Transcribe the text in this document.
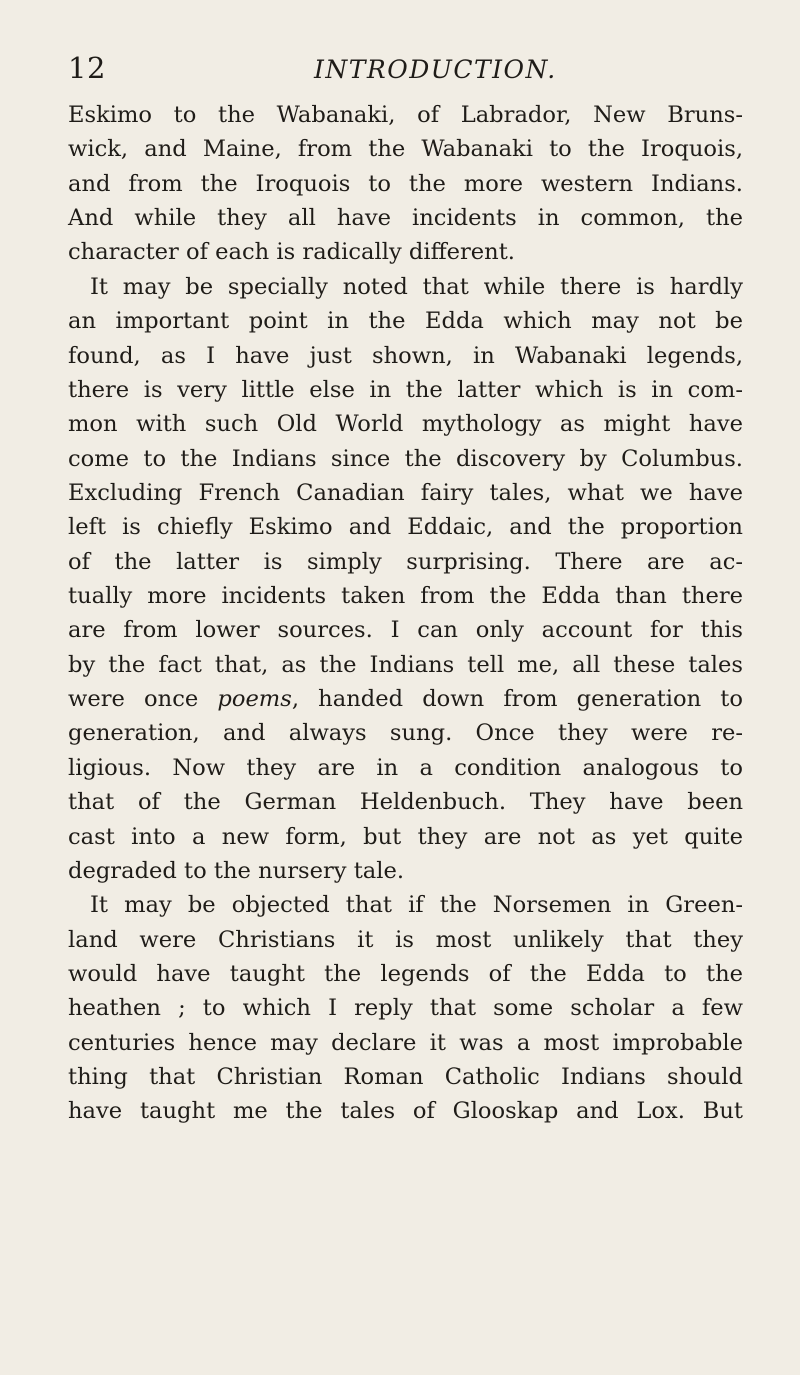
12	INTRODUCTION.
Eskimo to the Wabanaki, of Labrador, New Bruns-
wick, and Maine, from the Wabanaki to the Iroquois,
and from the Iroquois to the more western Indians.
And while they all have incidents in common, the
character of each is radically different.
It may be specially noted that while there is hardly
an important point in the Edda which may not be
found, as I have just shown, in Wabanaki legends,
there is very little else in the latter which is in com-
mon with such Old World mythology as might have
come to the Indians since the discovery by Columbus.
Excluding French Canadian fairy tales, what we have
left is chiefly Eskimo and Eddaic, and the proportion
of the latter is simply surprising. There are ac-
tually more incidents taken from the Edda than there
are from lower sources. I can only account for this
by the fact that, as the Indians tell me, all these tales
were once poems, handed down from generation to
generation, and always sung. Once they were re-
ligious. Now they are in a condition analogous to
that of the German Heldenbuch. They have been
cast into a new form, but they are not as yet quite
degraded to the nursery tale.
It may be objected that if the Norsemen in Green-
land were Christians it is most unlikely that they
would have taught the legends of the Edda to the
heathen ; to which I reply that some scholar a few
centuries hence may declare it was a most improbable
thing that Christian Roman Catholic Indians should
have taught me the tales of Glooskap and Lox. But
